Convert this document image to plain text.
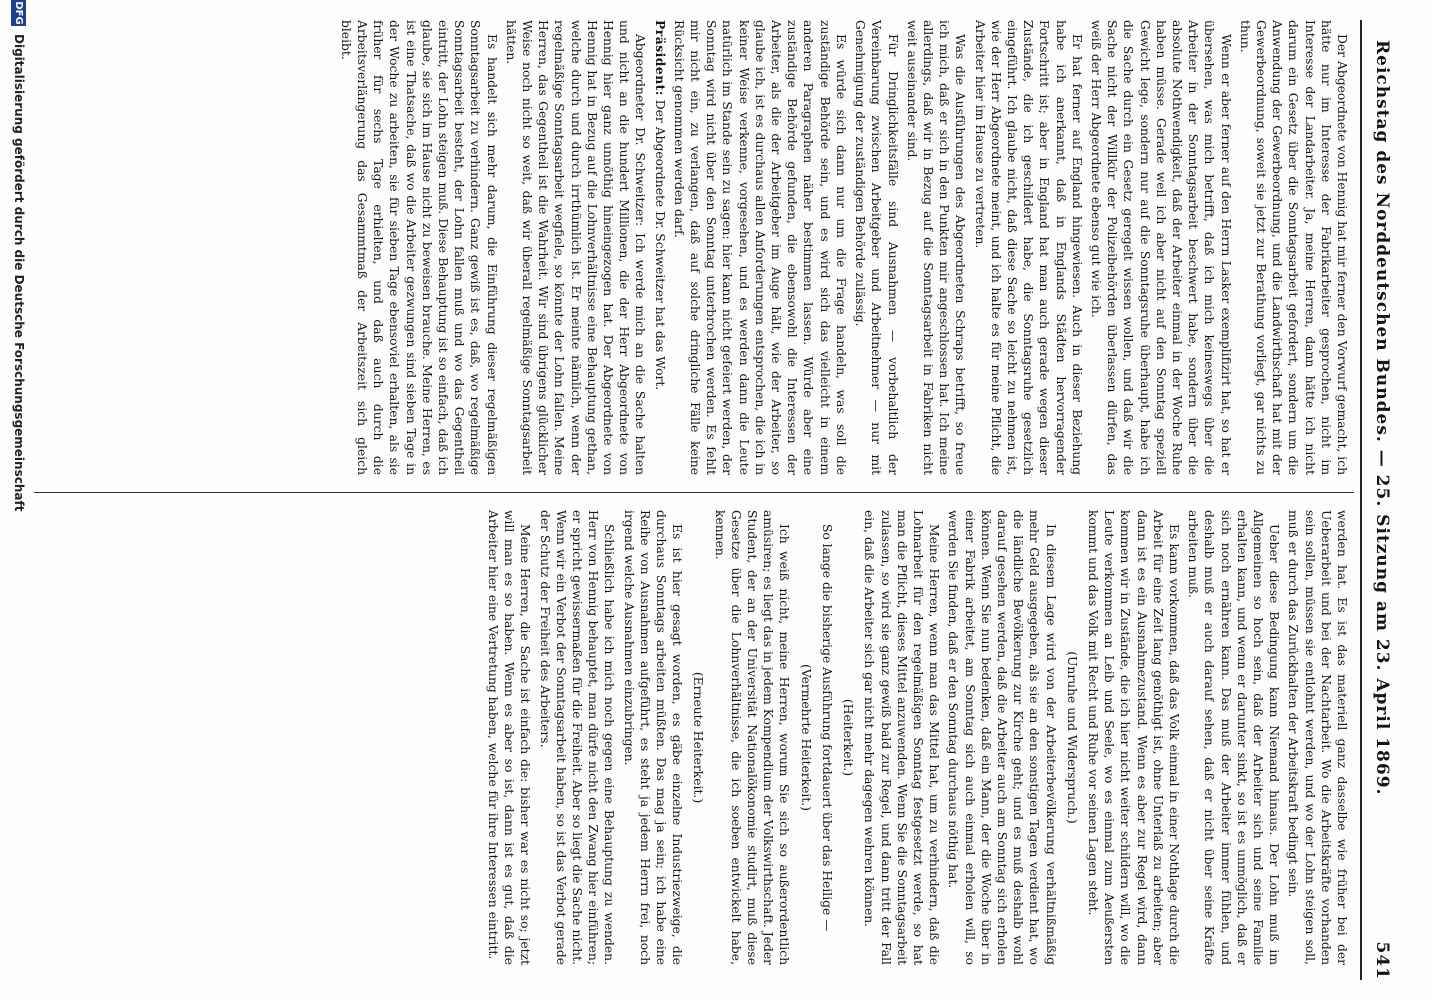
Reichstag des Norddeutschen Bundes. — 25. Sitzung am 23. April 1869.
541

Der Abgeordnete von Hennig hat mir ferner den Vorwurf gemacht, ich hätte nur im Interesse der Fabrikarbeiter gesprochen, nicht im Interesse der Landarbeiter. Ja, meine Herren, dann hätte ich nicht darum ein Gesetz über die Sonntagsarbeit gefordert, sondern um die Anwendung der Gewerbeordnung, und die Landwirthschaft hat mit der Gewerbeordnung, soweit sie jetzt zur Berathung vorliegt, gar nichts zu thun.

Wenn er aber ferner auf den Herrn Lasker exemplifizirt hat, so hat er übersehen, was mich betrifft, daß ich mich keineswegs über die Arbeiter in der Sonntagsarbeit beschwert habe, sondern über die absolute Nothwendigkeit, daß der Arbeiter einmal in der Woche Ruhe haben müsse. Gerade weil ich aber nicht auf den Sonntag speziell Gewicht lege, sondern nur auf die Sonntagsruhe überhaupt, habe ich die Sache durch ein Gesetz geregelt wissen wollen, und daß wir die Sache nicht der Willkür der Polizeibehörden überlassen dürfen, das weiß der Herr Abgeordnete ebenso gut wie ich.

Er hat ferner auf England hingewiesen. Auch in dieser Beziehung habe ich anerkannt, daß in Englands Städten hervorragender Fortschritt ist; aber in England hat man auch gerade wegen dieser Zustände, die ich geschildert habe, die Sonntagsruhe gesetzlich eingeführt. Ich glaube nicht, daß diese Sache so leicht zu nehmen ist, wie der Herr Abgeordnete meint, und ich halte es für meine Pflicht, die Arbeiter hier im Hause zu vertreten.

Was die Ausführungen des Abgeordneten Schraps betrifft, so freue ich mich, daß er sich in den Punkten mir angeschlossen hat. Ich meine allerdings, daß wir in Bezug auf die Sonntagsarbeit in Fabriken nicht weit auseinander sind.

Für Dringlichkeitsfälle sind Ausnahmen — vorbehaltlich der Vereinbarung zwischen Arbeitgeber und Arbeitnehmer — nur mit Genehmigung der zuständigen Behörde zulässig.

Es würde sich dann nur um die Frage handeln, was soll die zuständige Behörde sein, und es wird sich das vielleicht in einem anderen Paragraphen näher bestimmen lassen. Würde aber eine zuständige Behörde gefunden, die ebensowohl die Interessen der Arbeiter, als die der Arbeitgeber im Auge hält, wie der Arbeiter, so glaube ich, ist es durchaus allen Anforderungen entsprochen, die ich in keiner Weise verkenne, vorgesehen, und es werden dann die Leute natürlich im Stande sein zu sagen: hier kann nicht gefeiert werden, der Sonntag wird nicht über den Sonntag unterbrochen werden. Es fehlt mir nicht ein, zu verlangen, daß auf solche dringliche Fälle keine Rücksicht genommen werden darf.

Präsident: Der Abgeordnete Dr. Schweitzer hat das Wort.

Abgeordneter Dr. Schweitzer: Ich werde mich an die Sache halten und nicht an die hundert Millionen, die der Herr Abgeordnete von Hennig hier ganz unnöthig hineingezogen hat. Der Abgeordnete von Hennig hat in Bezug auf die Lohnverhältnisse eine Behauptung gethan, welche durch und durch irrthümlich ist. Er meinte nämlich, wenn der regelmäßige Sonntagsarbeit wegfiele, so könnte der Lohn fallen. Meine Herren, das Gegentheil ist die Wahrheit. Wir sind übrigens glücklicher Weise noch nicht so weit, daß wir überall regelmäßige Sonntagsarbeit hätten.

Es handelt sich mehr darum, die Einführung dieser regelmäßigen Sonntagsarbeit zu verhindern. Ganz gewiß ist es, daß, wo regelmäßige Sonntagsarbeit besteht, der Lohn fallen muß und wo das Gegentheil eintritt, der Lohn steigen muß. Diese Behauptung ist so einfach, daß ich glaube, sie sich im Hause nicht zu beweisen brauche. Meine Herren, es ist eine Thatsache, daß wo die Arbeiter gezwungen sind sieben Tage in der Woche zu arbeiten, sie für sieben Tage ebensoviel erhalten, als sie früher für sechs Tage erhielten, und daß auch durch die Arbeitsverlängerung das Gesammtmaß der Arbeitszeit sich gleich bleibt.

werden hat. Es ist das materiell ganz dasselbe wie früher bei der Ueberarbeit und bei der Nachtarbeit. Wo die Arbeitskräfte vorhanden sein sollen, müssen sie entlohnt werden, und wo der Lohn steigen soll, muß er durch das Zurückhalten der Arbeitskraft bedingt sein.

Ueber diese Bedingung kann Niemand hinaus. Der Lohn muß im Allgemeinen so hoch sein, daß der Arbeiter sich und seine Familie erhalten kann, und wenn er darunter sinkt, so ist es unmöglich, daß er sich noch ernähren kann. Das muß der Arbeiter immer fühlen, und deshalb muß er auch darauf sehen, daß er nicht über seine Kräfte arbeiten muß.

Es kann vorkommen, daß das Volk einmal in einer Nothlage durch die Arbeit für eine Zeit lang genöthigt ist, ohne Unterlaß zu arbeiten; aber dann ist es ein Ausnahmezustand. Wenn es aber zur Regel wird, dann kommen wir in Zustände, die ich hier nicht weiter schildern will, wo die Leute verkommen an Leib und Seele, wo es einmal zum Aeußersten kommt und das Volk mit Recht und Ruhe vor seinen Lagen steht.

(Unruhe und Widerspruch.)

In diesem Lage wird von der Arbeiterbevölkerung verhältnißmäßig mehr Geld ausgegeben, als sie an den sonstigen Tagen verdient hat, wo die ländliche Bevölkerung zur Kirche geht; und es muß deshalb wohl darauf gesehen werden, daß die Arbeiter auch am Sonntag sich erholen können. Wenn Sie nun bedenken, daß ein Mann, der die Woche über in einer Fabrik arbeitet, am Sonntag sich auch einmal erholen will, so werden Sie finden, daß er den Sonntag durchaus nöthig hat.

Meine Herren, wenn man das Mittel hat, um zu verhindern, daß die Lohnarbeit für den regelmäßigen Sonntag festgesetzt werde, so hat man die Pflicht, dieses Mittel anzuwenden. Wenn Sie die Sonntagsarbeit zulassen, so wird sie ganz gewiß bald zur Regel, und dann tritt der Fall ein, daß die Arbeiter sich gar nicht mehr dagegen wehren können.

(Heiterkeit.)

So lange die bisherige Ausführung fortdauert über das Heilige —

(Vermehrte Heiterkeit.)

Ich weiß nicht, meine Herren, worum Sie sich so außerordentlich amüsiren; es liegt das in jedem Kompendium der Volkswirthschaft. Jeder Student, der an der Universität Nationalökonomie studirt, muß diese Gesetze über die Lohnverhältnisse, die ich soeben entwickelt habe, kennen.

(Erneute Heiterkeit.)

Es ist hier gesagt worden, es gäbe einzelne Industriezweige, die durchaus Sonntags arbeiten müßten. Das mag ja sein; ich habe eine Reihe von Ausnahmen aufgeführt, es steht ja jedem Herrn frei, noch irgend welche Ausnahmen einzubringen.

Schließlich habe ich mich noch gegen eine Behauptung zu wenden. Herr von Hennig behauptet, man dürfe nicht den Zwang hier einführen; er spricht gewissermaßen für die Freiheit. Aber so liegt die Sache nicht. Wenn wir ein Verbot der Sonntagsarbeit haben, so ist das Verbot gerade der Schutz der Freiheit des Arbeiters.

Meine Herren, die Sache ist einfach die: bisher war es nicht so; jetzt will man es so haben. Wenn es aber so ist, dann ist es gut, daß die Arbeiter hier eine Vertretung haben, welche für ihre Interessen eintritt.

DFG
Digitalisierung gefördert durch die Deutsche Forschungsgemeinschaft
